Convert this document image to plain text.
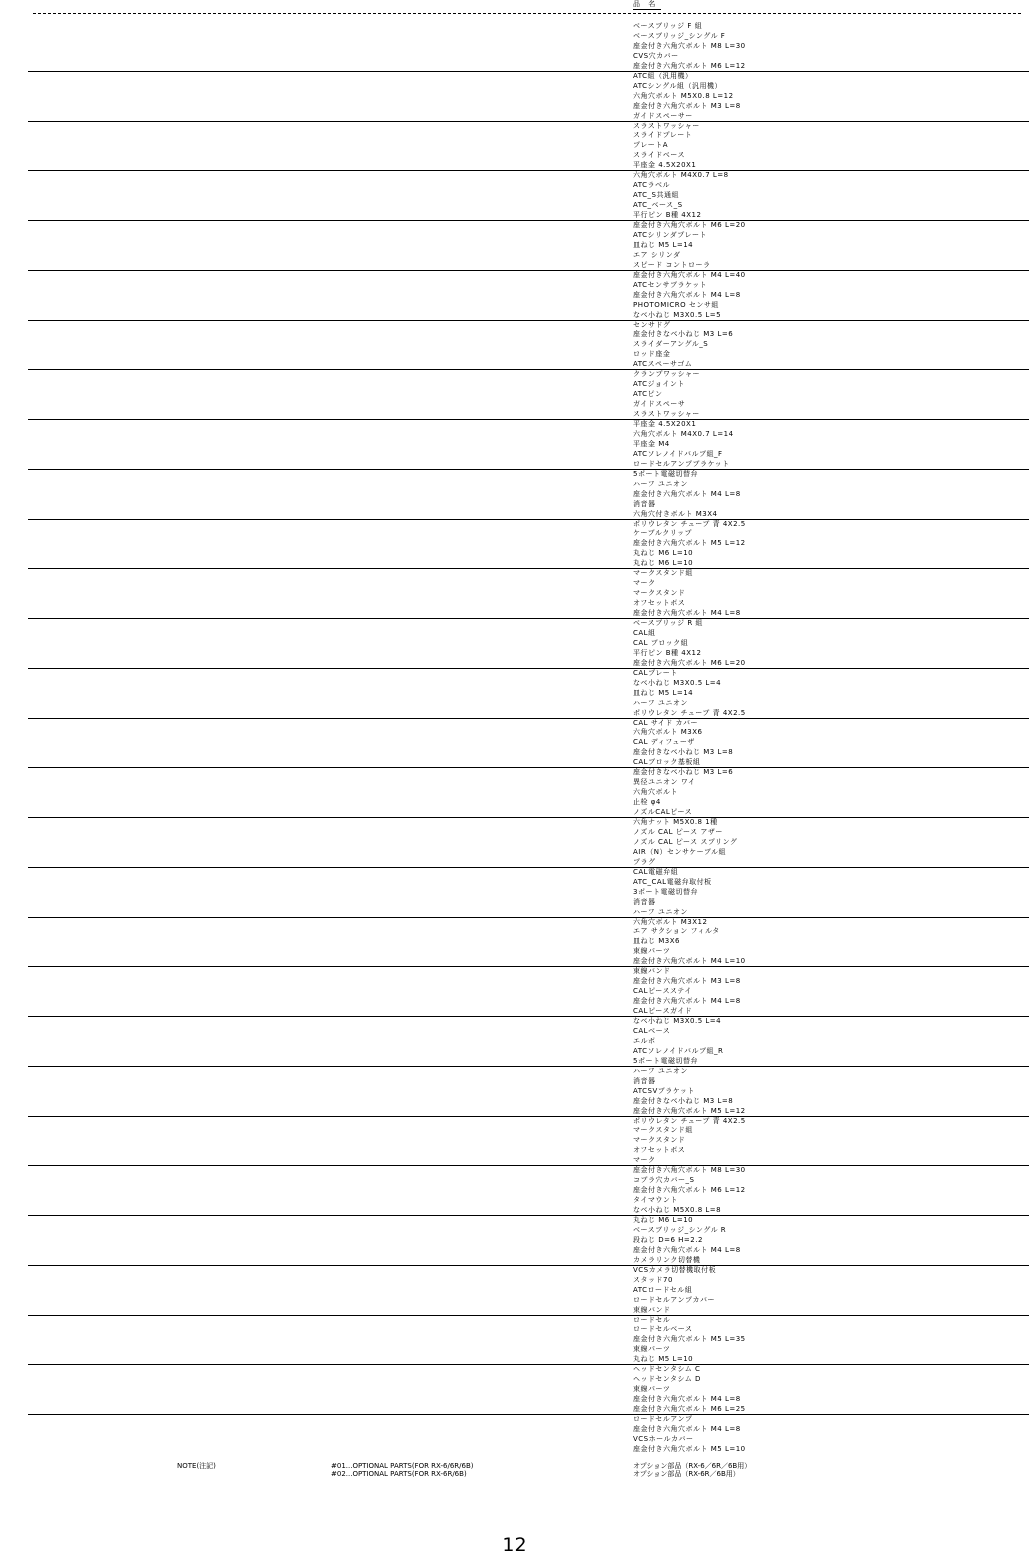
品 名
ベースブリッジ F 組
ベースブリッジ_シングル F
座金付き六角穴ボルト M8 L=30
CVS穴カバー
座金付き六角穴ボルト M6 L=12
ATC組（汎用機）
ATCシングル組（汎用機）
六角穴ボルト M5X0.8 L=12
座金付き六角穴ボルト M3 L=8
ガイドスペーサー
スラストワッシャー
スライドプレート
プレートA
スライドベース
平座金 4.5X20X1
六角穴ボルト M4X0.7 L=8
ATCラベル
ATC_S共通組
ATC_ベース_S
平行ピン B種 4X12
座金付き六角穴ボルト M6 L=20
ATCシリンダプレート
皿ねじ M5 L=14
エア シリンダ
スピード コントローラ
座金付き六角穴ボルト M4 L=40
ATCセンサブラケット
座金付き六角穴ボルト M4 L=8
PHOTOMICRO センサ組
なべ小ねじ M3X0.5 L=5
センサドグ
座金付きなべ小ねじ M3 L=6
スライダーアングル_S
ロッド座金
ATCスペーサゴム
クランプワッシャー
ATCジョイント
ATCピン
ガイドスペーサ
スラストワッシャー
平座金 4.5X20X1
六角穴ボルト M4X0.7 L=14
平座金 M4
ATCソレノイドバルブ組_F
ロードセルアンプブラケット
5ポート電磁切替弁
ハーフ ユニオン
座金付き六角穴ボルト M4 L=8
消音器
六角穴付きボルト M3X4
ポリウレタン チューブ 青 4X2.5
ケーブルクリップ
座金付き六角穴ボルト M5 L=12
丸ねじ M6 L=10
丸ねじ M6 L=10
マークスタンド組
マーク
マークスタンド
オフセットボス
座金付き六角穴ボルト M4 L=8
ベースブリッジ R 組
CAL組
CAL ブロック組
平行ピン B種 4X12
座金付き六角穴ボルト M6 L=20
CALプレート
なべ小ねじ M3X0.5 L=4
皿ねじ M5 L=14
ハーフ ユニオン
ポリウレタン チューブ 青 4X2.5
CAL サイド カバー
六角穴ボルト M3X6
CAL ディフューザ
座金付きなべ小ねじ M3 L=8
CALブロック基板組
座金付きなべ小ねじ M3 L=6
異径ユニオン ワイ
六角穴ボルト
止栓 φ4
ノズルCALピース
六角ナット M5X0.8 1種
ノズル CAL ピース アザー
ノズル CAL ピース スプリング
AIR（N）センサケーブル組
プラグ
CAL電磁弁組
ATC_CAL電磁弁取付板
3ポート電磁切替弁
消音器
ハーフ ユニオン
六角穴ボルト M3X12
エア サクション フィルタ
皿ねじ M3X6
束線パーツ
座金付き六角穴ボルト M4 L=10
束線バンド
座金付き六角穴ボルト M3 L=8
CALピースステイ
座金付き六角穴ボルト M4 L=8
CALピースガイド
なべ小ねじ M3X0.5 L=4
CALベース
エルボ
ATCソレノイドバルブ組_R
5ポート電磁切替弁
ハーフ ユニオン
消音器
ATCSVブラケット
座金付きなべ小ねじ M3 L=8
座金付き六角穴ボルト M5 L=12
ポリウレタン チューブ 青 4X2.5
マークスタンド組
マークスタンド
オフセットボス
マーク
座金付き六角穴ボルト M8 L=30
コブラ穴カバー_S
座金付き六角穴ボルト M6 L=12
タイマウント
なべ小ねじ M5X0.8 L=8
丸ねじ M6 L=10
ベースブリッジ_シングル R
段ねじ D=6 H=2.2
座金付き六角穴ボルト M4 L=8
カメラリンク切替機
VCSカメラ切替機取付板
スタッド70
ATCロードセル組
ロードセルアンプカバー
束線バンド
ロードセル
ロードセルベース
座金付き六角穴ボルト M5 L=35
束線パーツ
丸ねじ M5 L=10
ヘッドセンタシム C
ヘッドセンタシム D
束線パーツ
座金付き六角穴ボルト M4 L=8
座金付き六角穴ボルト M6 L=25
ロードセルアンプ
座金付き六角穴ボルト M4 L=8
VCSホールカバー
座金付き六角穴ボルト M5 L=10
NOTE(注記)	#01...OPTIONAL PARTS(FOR RX-6/6R/6B)
#02...OPTIONAL PARTS(FOR RX-6R/6B)
オプション部品（RX-6／6R／6B用）
オプション部品（RX-6R／6B用）
12
